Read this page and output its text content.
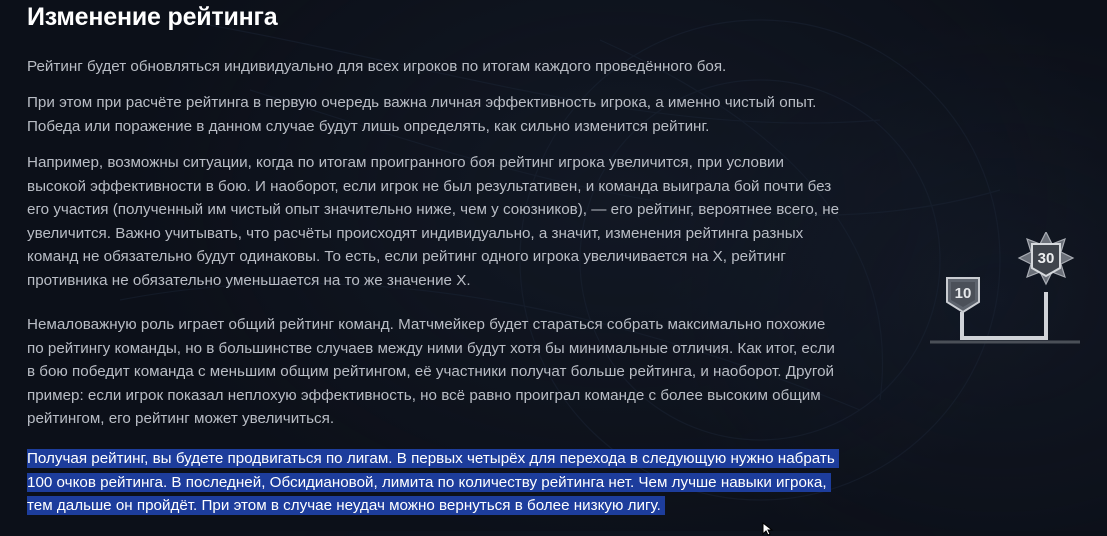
Изменение рейтинга

Рейтинг будет обновляться индивидуально для всех игроков по итогам каждого проведённого боя.

При этом при расчёте рейтинга в первую очередь важна личная эффективность игрока, а именно чистый опыт.
Победа или поражение в данном случае будут лишь определять, как сильно изменится рейтинг.

Например, возможны ситуации, когда по итогам проигранного боя рейтинг игрока увеличится, при условии
высокой эффективности в бою. И наоборот, если игрок не был результативен, и команда выиграла бой почти без
его участия (полученный им чистый опыт значительно ниже, чем у союзников), — его рейтинг, вероятнее всего, не
увеличится. Важно учитывать, что расчёты происходят индивидуально, а значит, изменения рейтинга разных
команд не обязательно будут одинаковы. То есть, если рейтинг одного игрока увеличивается на X, рейтинг
противника не обязательно уменьшается на то же значение X.

Немаловажную роль играет общий рейтинг команд. Матчмейкер будет стараться собрать максимально похожие
по рейтингу команды, но в большинстве случаев между ними будут хотя бы минимальные отличия. Как итог, если
в бою победит команда с меньшим общим рейтингом, её участники получат больше рейтинга, и наоборот. Другой
пример: если игрок показал неплохую эффективность, но всё равно проиграл команде с более высоким общим
рейтингом, его рейтинг может увеличиться.

Получая рейтинг, вы будете продвигаться по лигам. В первых четырёх для перехода в следующую нужно набрать
100 очков рейтинга. В последней, Обсидиановой, лимита по количеству рейтинга нет. Чем лучше навыки игрока,
тем дальше он пройдёт. При этом в случае неудач можно вернуться в более низкую лигу.

10
30
